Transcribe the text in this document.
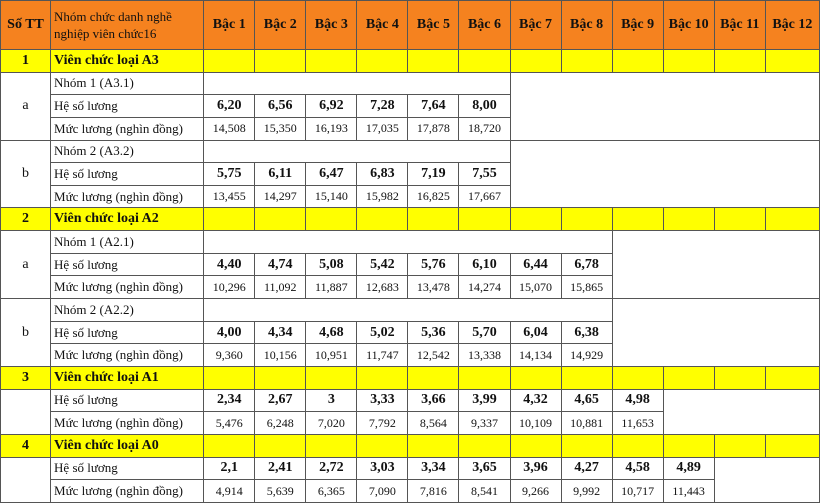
Số TT	Nhóm chức danh nghề nghiệp viên chức16	Bậc 1	Bậc 2	Bậc 3	Bậc 4	Bậc 5	Bậc 6	Bậc 7	Bậc 8	Bậc 9	Bậc 10	Bậc 11	Bậc 12
1	Viên chức loại A3												
a	Nhóm 1 (A3.1)												
	Hệ số lương	6,20	6,56	6,92	7,28	7,64	8,00						
	Mức lương (nghìn đồng)	14,508	15,350	16,193	17,035	17,878	18,720						
b	Nhóm 2 (A3.2)												
	Hệ số lương	5,75	6,11	6,47	6,83	7,19	7,55						
	Mức lương (nghìn đồng)	13,455	14,297	15,140	15,982	16,825	17,667						
2	Viên chức loại A2												
a	Nhóm 1 (A2.1)												
	Hệ số lương	4,40	4,74	5,08	5,42	5,76	6,10	6,44	6,78				
	Mức lương (nghìn đồng)	10,296	11,092	11,887	12,683	13,478	14,274	15,070	15,865				
b	Nhóm 2 (A2.2)												
	Hệ số lương	4,00	4,34	4,68	5,02	5,36	5,70	6,04	6,38				
	Mức lương (nghìn đồng)	9,360	10,156	10,951	11,747	12,542	13,338	14,134	14,929				
3	Viên chức loại A1												
	Hệ số lương	2,34	2,67	3	3,33	3,66	3,99	4,32	4,65	4,98			
	Mức lương (nghìn đồng)	5,476	6,248	7,020	7,792	8,564	9,337	10,109	10,881	11,653			
4	Viên chức loại A0												
	Hệ số lương	2,1	2,41	2,72	3,03	3,34	3,65	3,96	4,27	4,58	4,89		
	Mức lương (nghìn đồng)	4,914	5,639	6,365	7,090	7,816	8,541	9,266	9,992	10,717	11,443		
